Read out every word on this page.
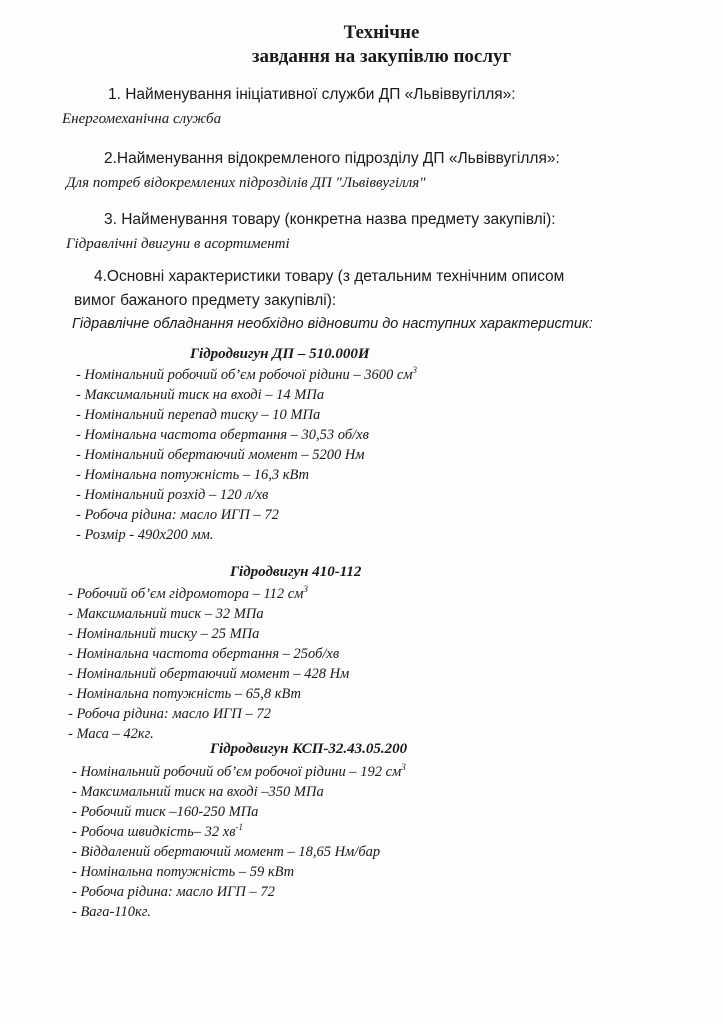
Технічне
завдання на закупівлю послуг
1. Найменування ініціативної служби ДП «Львіввугілля»:
Енергомеханічна служба
2.Найменування відокремленого підрозділу ДП «Львіввугілля»:
Для потреб відокремлених підрозділів ДП "Львіввугілля"
3. Найменування товару (конкретна назва предмету закупівлі):
Гідравлічні двигуни в асортименті
4.Основні характеристики товару (з детальним технічним описом
вимог бажаного предмету закупівлі):
Гідравлічне обладнання необхідно відновити до наступних характеристик:
Гідродвигун ДП – 510.000И
- Номінальний робочий об’єм робочої рідини – 3600 $см^3$
- Максимальний тиск на вході – 14 МПа
- Номінальний перепад тиску – 10 МПа
- Номінальна частота обертання – 30,53 об/хв
- Номінальний обертаючий момент – 5200 Нм
- Номінальна потужність – 16,3 кВт
- Номінальний розхід – 120 л/хв
- Робоча рідина: масло ИГП – 72
- Розмір - 490х200 мм.
Гідродвигун 410-112
- Робочий об’єм гідромотора – 112 $см^3$
- Максимальний тиск – 32 МПа
- Номінальний тиску – 25 МПа
- Номінальна частота обертання – 25об/хв
- Номінальний обертаючий момент – 428 Нм
- Номінальна потужність – 65,8 кВт
- Робоча рідина: масло ИГП – 72
- Маса – 42кг.
Гідродвигун КСП-32.43.05.200
- Номінальний робочий об’єм робочої рідини – 192 $см^3$
- Максимальний тиск на вході –350 МПа
- Робочий тиск –160-250 МПа
- Робоча швидкість– 32 $хв^{-1}$
- Віддалений обертаючий момент – 18,65 Нм/бар
- Номінальна потужність – 59 кВт
- Робоча рідина: масло ИГП – 72
- Вага-110кг.
